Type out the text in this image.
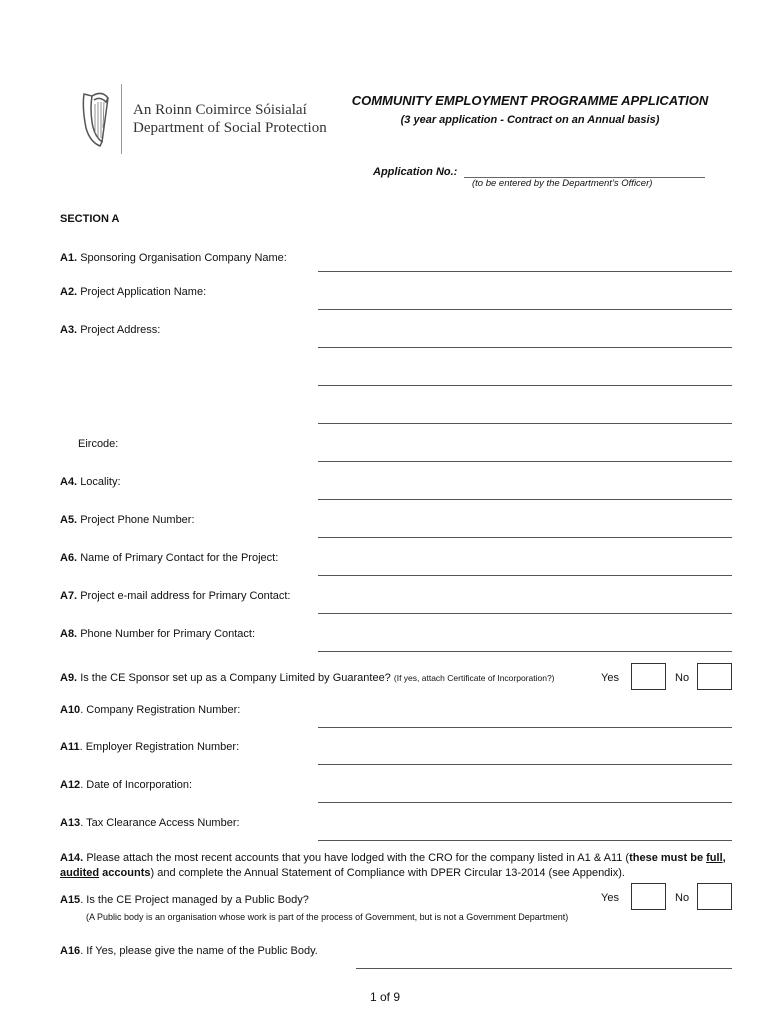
An Roinn Coimirce Sóisialaí
Department of Social Protection
COMMUNITY EMPLOYMENT PROGRAMME APPLICATION
(3 year application - Contract on an Annual basis)
Application No.:
(to be entered by the Department’s Officer)
SECTION A
A1. Sponsoring Organisation Company Name:
A2. Project Application Name:
A3. Project Address:
Eircode:
A4. Locality:
A5. Project Phone Number:
A6. Name of Primary Contact for the Project:
A7. Project e-mail address for Primary Contact:
A8. Phone Number for Primary Contact:
A9. Is the CE Sponsor set up as a Company Limited by Guarantee? (If yes, attach Certificate of Incorporation?)	Yes	No
A10. Company Registration Number:
A11. Employer Registration Number:
A12. Date of Incorporation:
A13. Tax Clearance Access Number:
A14. Please attach the most recent accounts that you have lodged with the CRO for the company listed in A1 & A11 (these must be full, audited accounts) and complete the Annual Statement of Compliance with DPER Circular 13-2014 (see Appendix).
A15. Is the CE Project managed by a Public Body?	Yes	No
(A Public body is an organisation whose work is part of the process of Government, but is not a Government Department)
A16. If Yes, please give the name of the Public Body.
1 of 9
